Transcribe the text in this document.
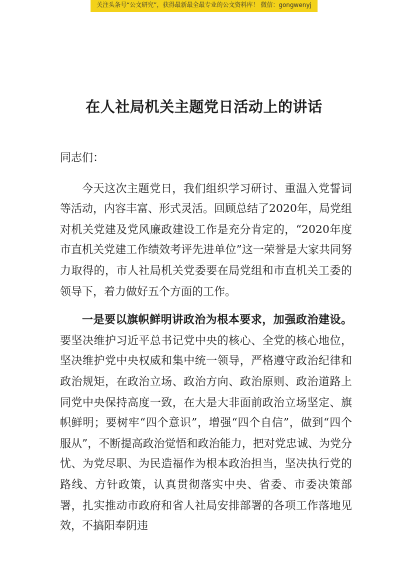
关注头条号“公文研究”，获得最新最全最专业的公文资料库！ 微信：gongwenyj
在人社局机关主题党日活动上的讲话

同志们：

今天这次主题党日，我们组织学习研讨、重温入党誓词等活动，内容丰富、形式灵活。回顾总结了2020年，局党组对机关党建及党风廉政建设工作是充分肯定的，“2020年度市直机关党建工作绩效考评先进单位”这一荣誉是大家共同努力取得的，市人社局机关党委要在局党组和市直机关工委的领导下，着力做好五个方面的工作。

一是要以旗帜鲜明讲政治为根本要求，加强政治建设。要坚决维护习近平总书记党中央的核心、全党的核心地位，坚决维护党中央权威和集中统一领导，严格遵守政治纪律和政治规矩，在政治立场、政治方向、政治原则、政治道路上同党中央保持高度一致，在大是大非面前政治立场坚定、旗帜鲜明；要树牢“四个意识”，增强“四个自信”，做到“四个服从”，不断提高政治觉悟和政治能力，把对党忠诚、为党分忧、为党尽职、为民造福作为根本政治担当，坚决执行党的路线、方针政策，认真贯彻落实中央、省委、市委决策部署，扎实推动市政府和省人社局安排部署的各项工作落地见效，不搞阳奉阴违
